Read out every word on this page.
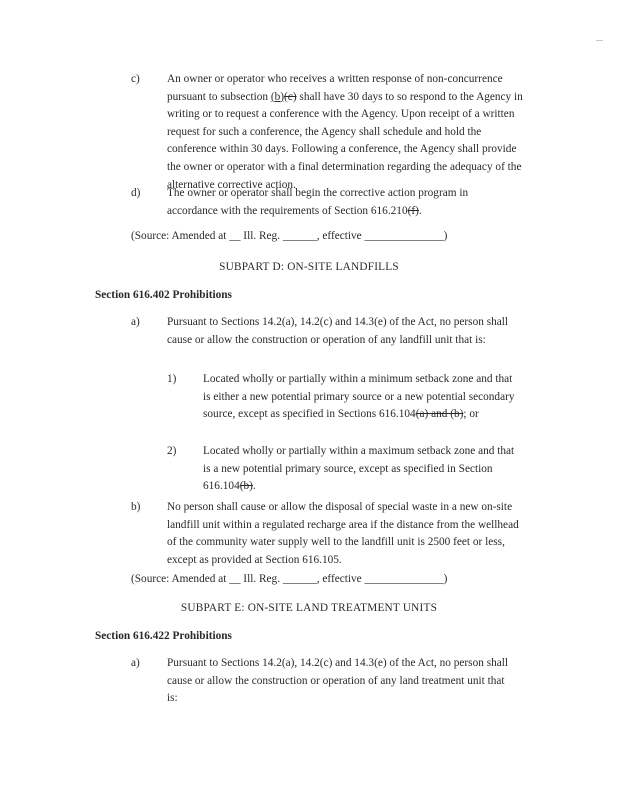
c) An owner or operator who receives a written response of non-concurrence pursuant to subsection (b)(c) shall have 30 days to so respond to the Agency in writing or to request a conference with the Agency. Upon receipt of a written request for such a conference, the Agency shall schedule and hold the conference within 30 days. Following a conference, the Agency shall provide the owner or operator with a final determination regarding the adequacy of the alternative corrective action.
d) The owner or operator shall begin the corrective action program in accordance with the requirements of Section 616.210(f).
(Source: Amended at __ Ill. Reg. ______, effective ______________)
SUBPART D: ON-SITE LANDFILLS
Section 616.402 Prohibitions
a) Pursuant to Sections 14.2(a), 14.2(c) and 14.3(e) of the Act, no person shall cause or allow the construction or operation of any landfill unit that is:
1) Located wholly or partially within a minimum setback zone and that is either a new potential primary source or a new potential secondary source, except as specified in Sections 616.104(a) and (b); or
2) Located wholly or partially within a maximum setback zone and that is a new potential primary source, except as specified in Section 616.104(b).
b) No person shall cause or allow the disposal of special waste in a new on-site landfill unit within a regulated recharge area if the distance from the wellhead of the community water supply well to the landfill unit is 2500 feet or less, except as provided at Section 616.105.
(Source: Amended at __ Ill. Reg. ______, effective ______________)
SUBPART E: ON-SITE LAND TREATMENT UNITS
Section 616.422 Prohibitions
a) Pursuant to Sections 14.2(a), 14.2(c) and 14.3(e) of the Act, no person shall cause or allow the construction or operation of any land treatment unit that is:
